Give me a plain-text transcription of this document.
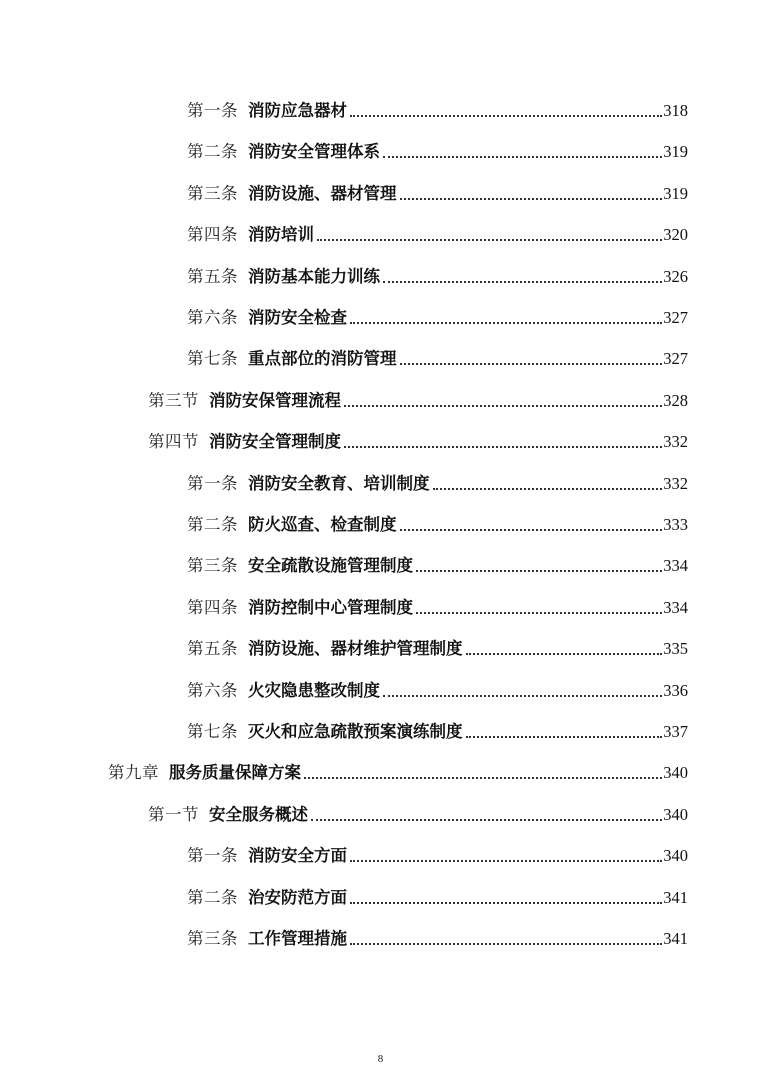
第一条 消防应急器材	318
第二条 消防安全管理体系	319
第三条 消防设施、器材管理	319
第四条 消防培训	320
第五条 消防基本能力训练	326
第六条 消防安全检查	327
第七条 重点部位的消防管理	327
第三节 消防安保管理流程	328
第四节 消防安全管理制度	332
第一条 消防安全教育、培训制度	332
第二条 防火巡查、检查制度	333
第三条 安全疏散设施管理制度	334
第四条 消防控制中心管理制度	334
第五条 消防设施、器材维护管理制度	335
第六条 火灾隐患整改制度	336
第七条 灭火和应急疏散预案演练制度	337
第九章 服务质量保障方案	340
第一节 安全服务概述	340
第一条 消防安全方面	340
第二条 治安防范方面	341
第三条 工作管理措施	341
8
